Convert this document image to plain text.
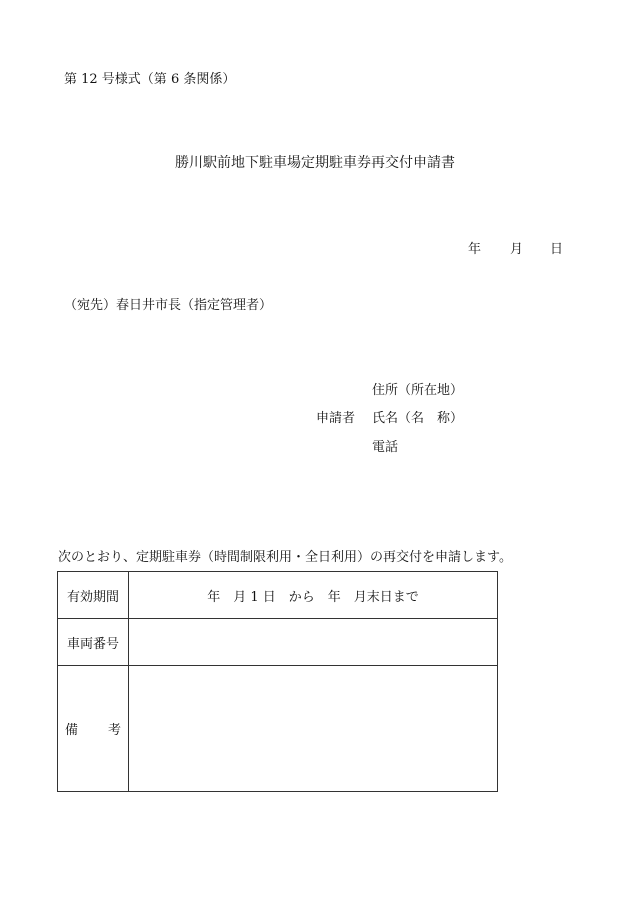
第 12 号様式（第 6 条関係）
勝川駅前地下駐車場定期駐車券再交付申請書
年 月 日
（宛先）春日井市長（指定管理者）
申請者
住所（所在地）
氏名（名　称）
電話
次のとおり、定期駐車券（時間制限利用・全日利用）の再交付を申請します。
有効期間	年　月 1 日　から　年　月末日まで
車両番号	
備 考	
